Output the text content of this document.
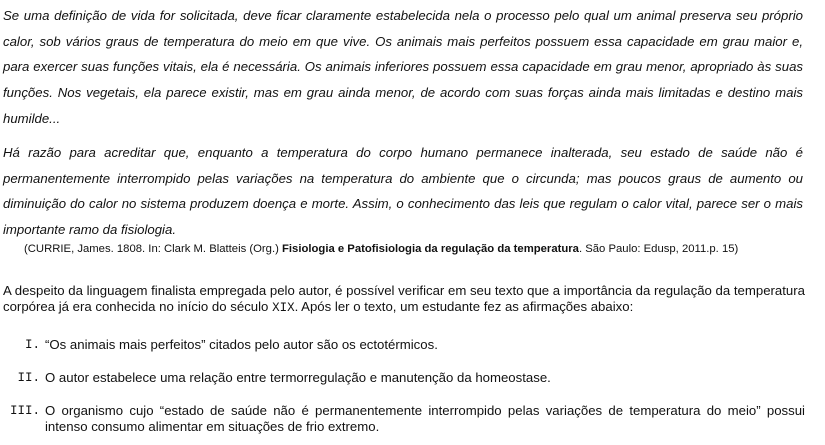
Se uma definição de vida for solicitada, deve ficar claramente estabelecida nela o processo pelo qual um animal preserva seu próprio calor, sob vários graus de temperatura do meio em que vive. Os animais mais perfeitos possuem essa capacidade em grau maior e, para exercer suas funções vitais, ela é necessária. Os animais inferiores possuem essa capacidade em grau menor, apropriado às suas funções. Nos vegetais, ela parece existir, mas em grau ainda menor, de acordo com suas forças ainda mais limitadas e destino mais humilde...

Há razão para acreditar que, enquanto a temperatura do corpo humano permanece inalterada, seu estado de saúde não é permanentemente interrompido pelas variações na temperatura do ambiente que o circunda; mas poucos graus de aumento ou diminuição do calor no sistema produzem doença e morte. Assim, o conhecimento das leis que regulam o calor vital, parece ser o mais importante ramo da fisiologia.

(CURRIE, James. 1808. In: Clark M. Blatteis (Org.) Fisiologia e Patofisiologia da regulação da temperatura. São Paulo: Edusp, 2011.p. 15)

A despeito da linguagem finalista empregada pelo autor, é possível verificar em seu texto que a importância da regulação da temperatura corpórea já era conhecida no início do século XIX. Após ler o texto, um estudante fez as afirmações abaixo:

I. “Os animais mais perfeitos” citados pelo autor são os ectotérmicos.
II. O autor estabelece uma relação entre termorregulação e manutenção da homeostase.
III. O organismo cujo “estado de saúde não é permanentemente interrompido pelas variações de temperatura do meio” possui intenso consumo alimentar em situações de frio extremo.
